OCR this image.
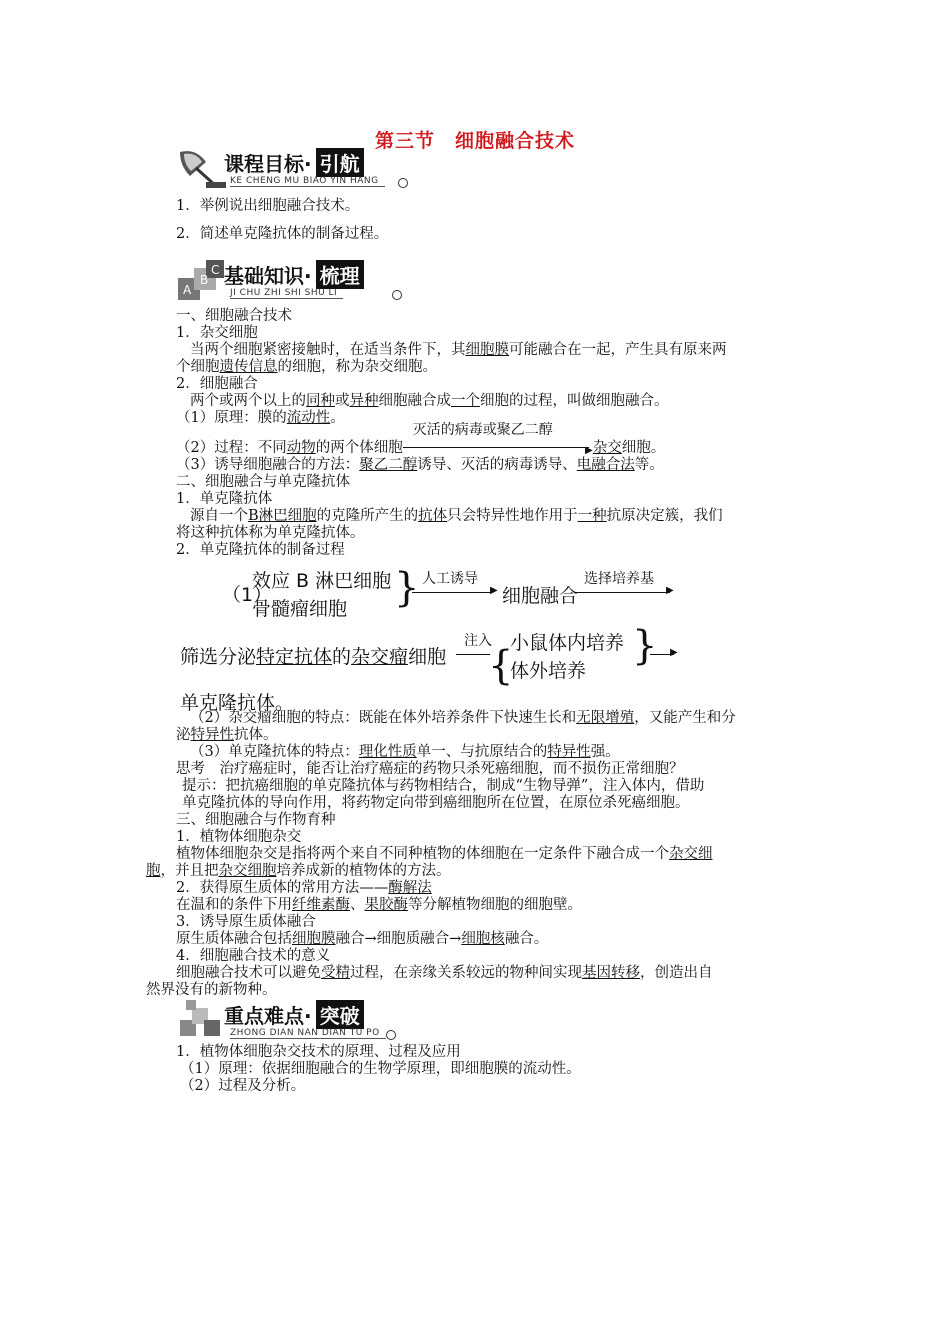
第三节　细胞融合技术
课程目标· 引航
KE CHENG MU BIAO YIN HANG
1．举例说出细胞融合技术。
2．简述单克隆抗体的制备过程。
C
A
B 基础知识· 梳理
JI CHU ZHI SHI SHU LI
一、细胞融合技术
1．杂交细胞
当两个细胞紧密接触时，在适当条件下，其细胞膜可能融合在一起，产生具有原来两
个细胞遗传信息的细胞，称为杂交细胞。
2．细胞融合
两个或两个以上的同种或异种细胞融合成一个细胞的过程，叫做细胞融合。
（1）原理：膜的流动性。
（2）过程：不同动物的两个体细胞
灭活的病毒或聚乙二醇
▶ 杂交细胞。
（3）诱导细胞融合的方法：聚乙二醇诱导、灭活的病毒诱导、电融合法等。
二、细胞融合与单克隆抗体
1．单克隆抗体
源自一个B淋巴细胞的克隆所产生的抗体只会特异性地作用于一种抗原决定簇，我们
将这种抗体称为单克隆抗体。
2．单克隆抗体的制备过程
（1）
效应 B 淋巴细胞
骨髓瘤细胞 } 人工诱导
▶ 细胞融合
选择培养基
▶
筛选分泌特定抗体的杂交瘤细胞
注入
{
小鼠体内培养
体外培养
} ▶
单克隆抗体。
（2）杂交瘤细胞的特点：既能在体外培养条件下快速生长和无限增殖，又能产生和分
泌特异性抗体。
（3）单克隆抗体的特点：理化性质单一、与抗原结合的特异性强。
思考　治疗癌症时，能否让治疗癌症的药物只杀死癌细胞，而不损伤正常细胞？
提示：把抗癌细胞的单克隆抗体与药物相结合，制成“生物导弹”，注入体内，借助
单克隆抗体的导向作用，将药物定向带到癌细胞所在位置，在原位杀死癌细胞。
三、细胞融合与作物育种
1．植物体细胞杂交
植物体细胞杂交是指将两个来自不同种植物的体细胞在一定条件下融合成一个杂交细
胞，并且把杂交细胞培养成新的植物体的方法。
2．获得原生质体的常用方法——酶解法
在温和的条件下用纤维素酶、果胶酶等分解植物细胞的细胞壁。
3．诱导原生质体融合
原生质体融合包括细胞膜融合→细胞质融合→细胞核融合。
4．细胞融合技术的意义
细胞融合技术可以避免受精过程，在亲缘关系较远的物种间实现基因转移，创造出自
然界没有的新物种。
重点难点· 突破
ZHONG DIAN NAN DIAN TU PO
1．植物体细胞杂交技术的原理、过程及应用
（1）原理：依据细胞融合的生物学原理，即细胞膜的流动性。
（2）过程及分析。
